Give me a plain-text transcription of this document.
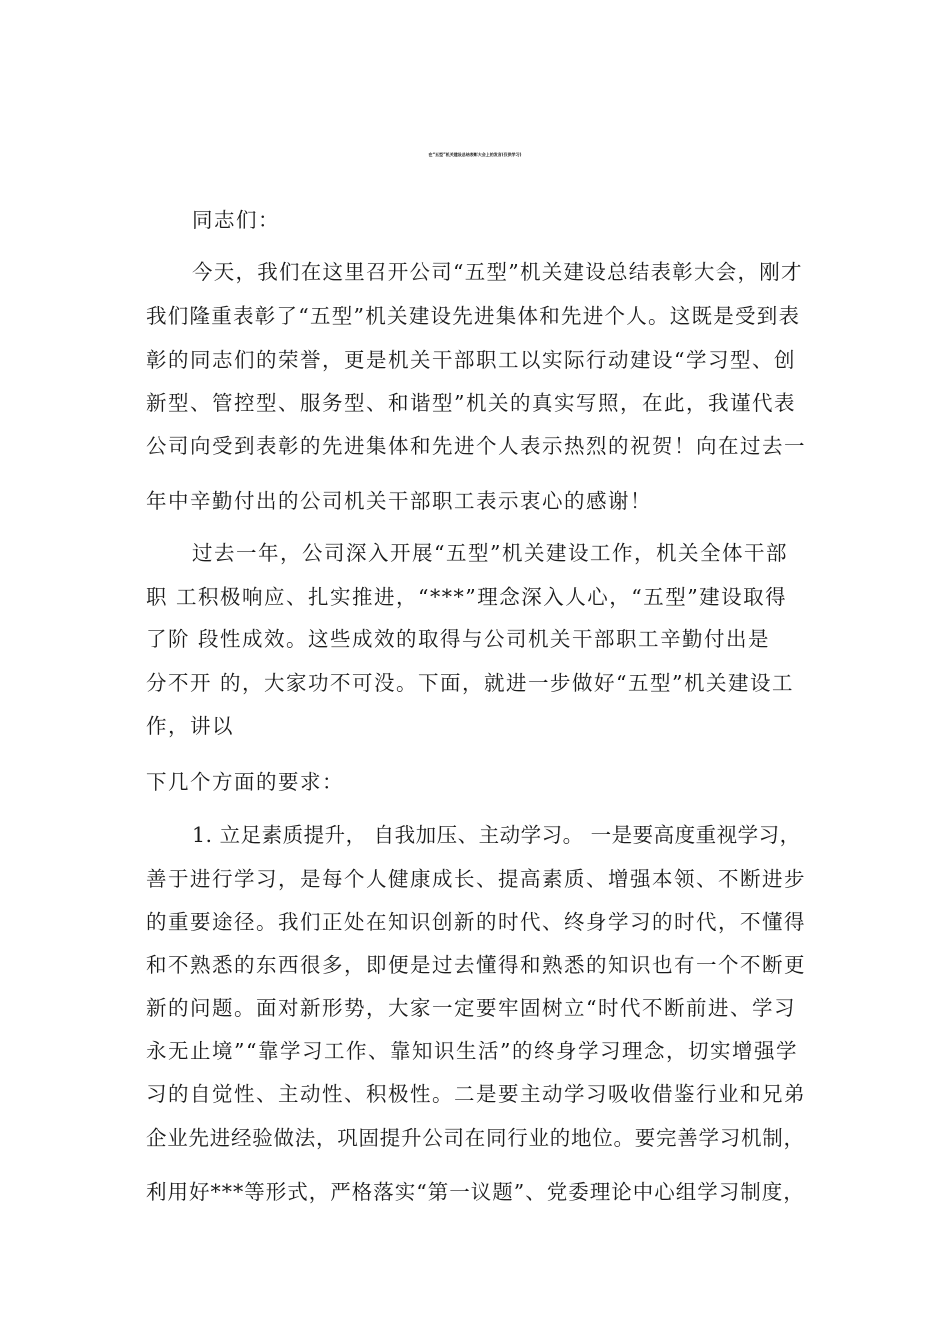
在“五型”机关建设总结表彰大会上的发言(仅供学习)
同志们：
今天，我们在这里召开公司“五型”机关建设总结表彰大会，刚才
我们隆重表彰了“五型”机关建设先进集体和先进个人。这既是受到表
彰的同志们的荣誉，更是机关干部职工以实际行动建设“学习型、创
新型、管控型、服务型、和谐型”机关的真实写照，在此，我谨代表
公司向受到表彰的先进集体和先进个人表示热烈的祝贺！向在过去一
年中辛勤付出的公司机关干部职工表示衷心的感谢！
过去一年，公司深入开展“五型”机关建设工作，机关全体干部
职 工积极响应、扎实推进，“***”理念深入人心，“五型”建设取得
了阶 段性成效。这些成效的取得与公司机关干部职工辛勤付出是
分不开 的，大家功不可没。下面，就进一步做好“五型”机关建设工
作，讲以
下几个方面的要求：
1. 立足素质提升， 自我加压、主动学习。 一是要高度重视学习，
善于进行学习，是每个人健康成长、提高素质、增强本领、不断进步
的重要途径。我们正处在知识创新的时代、终身学习的时代，不懂得
和不熟悉的东西很多，即便是过去懂得和熟悉的知识也有一个不断更
新的问题。面对新形势，大家一定要牢固树立“时代不断前进、学习
永无止境”“靠学习工作、靠知识生活”的终身学习理念，切实增强学
习的自觉性、主动性、积极性。二是要主动学习吸收借鉴行业和兄弟
企业先进经验做法，巩固提升公司在同行业的地位。要完善学习机制，
利用好***等形式，严格落实“第一议题”、党委理论中心组学习制度，
